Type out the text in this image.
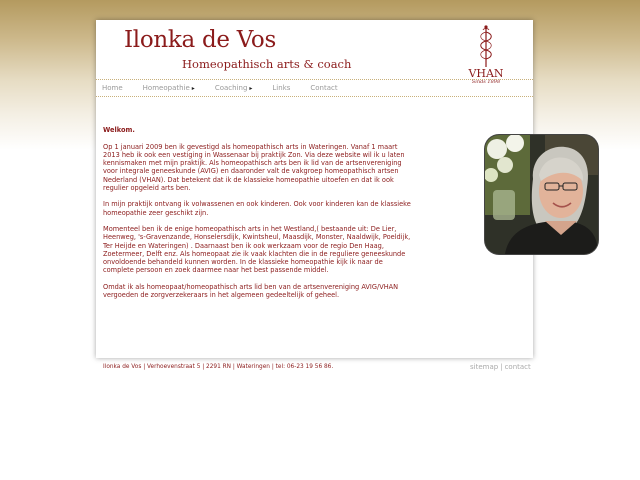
Ilonka de Vos
Homeopathisch arts & coach
VHAN
Sinds 1898
Home	Homeopathie ▸	Coaching ▸	Links	Contact

Welkom.

Op 1 januari 2009 ben ik gevestigd als homeopathisch arts in Wateringen. Vanaf 1 maart 2013 heb ik ook een vestiging in Wassenaar bij praktijk Zon. Via deze website wil ik u laten kennismaken met mijn praktijk. Als homeopathisch arts ben ik lid van de artsenvereniging voor integrale geneeskunde (AVIG) en daaronder valt de vakgroep homeopathisch artsen Nederland (VHAN). Dat betekent dat ik de klassieke homeopathie uitoefen en dat ik ook regulier opgeleid arts ben.

In mijn praktijk ontvang ik volwassenen en ook kinderen. Ook voor kinderen kan de klassieke homeopathie zeer geschikt zijn.

Momenteel ben ik de enige homeopathisch arts in het Westland,( bestaande uit: De Lier, Heenweg, 's-Gravenzande, Honselersdijk, Kwintsheul, Maasdijk, Monster, Naaldwijk, Poeldijk, Ter Heijde en Wateringen) . Daarnaast ben ik ook werkzaam voor de regio Den Haag, Zoetermeer, Delft enz. Als homeopaat zie ik vaak klachten die in de reguliere geneeskunde onvoldoende behandeld kunnen worden. In de klassieke homeopathie kijk ik naar de complete persoon en zoek daarmee naar het best passende middel.

Omdat ik als homeopaat/homeopathisch arts lid ben van de artsenvereniging AVIG/VHAN vergoeden de zorgverzekeraars in het algemeen gedeeltelijk of geheel.

Ilonka de Vos | Verhoevenstraat 5 | 2291 RN | Wateringen | tel: 06-23 19 56 86.	sitemap | contact
